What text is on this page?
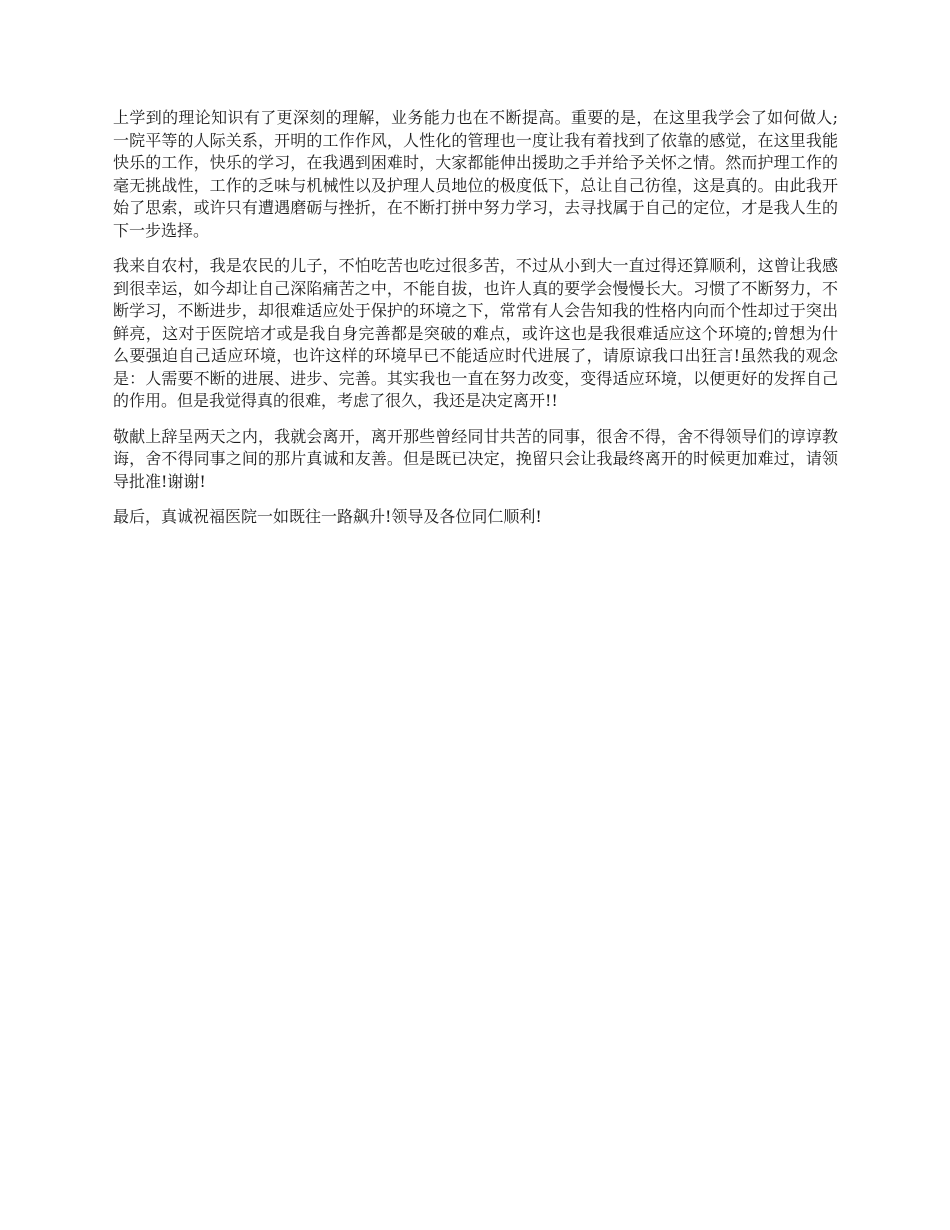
上学到的理论知识有了更深刻的理解，业务能力也在不断提高。重要的是，在这里我学会了如何做人;一院平等的人际关系，开明的工作作风，人性化的管理也一度让我有着找到了依靠的感觉，在这里我能快乐的工作，快乐的学习，在我遇到困难时，大家都能伸出援助之手并给予关怀之情。然而护理工作的毫无挑战性，工作的乏味与机械性以及护理人员地位的极度低下，总让自己彷徨，这是真的。由此我开始了思索，或许只有遭遇磨砺与挫折，在不断打拼中努力学习，去寻找属于自己的定位，才是我人生的下一步选择。

我来自农村，我是农民的儿子，不怕吃苦也吃过很多苦，不过从小到大一直过得还算顺利，这曾让我感到很幸运，如今却让自己深陷痛苦之中，不能自拔，也许人真的要学会慢慢长大。习惯了不断努力，不断学习，不断进步，却很难适应处于保护的环境之下，常常有人会告知我的性格内向而个性却过于突出鲜亮，这对于医院培才或是我自身完善都是突破的难点，或许这也是我很难适应这个环境的;曾想为什么要强迫自己适应环境，也许这样的环境早已不能适应时代进展了，请原谅我口出狂言!虽然我的观念是：人需要不断的进展、进步、完善。其实我也一直在努力改变，变得适应环境，以便更好的发挥自己的作用。但是我觉得真的很难，考虑了很久，我还是决定离开!!

敬献上辞呈两天之内，我就会离开，离开那些曾经同甘共苦的同事，很舍不得，舍不得领导们的谆谆教诲，舍不得同事之间的那片真诚和友善。但是既已决定，挽留只会让我最终离开的时候更加难过，请领导批准!谢谢!

最后，真诚祝福医院一如既往一路飙升!领导及各位同仁顺利!
